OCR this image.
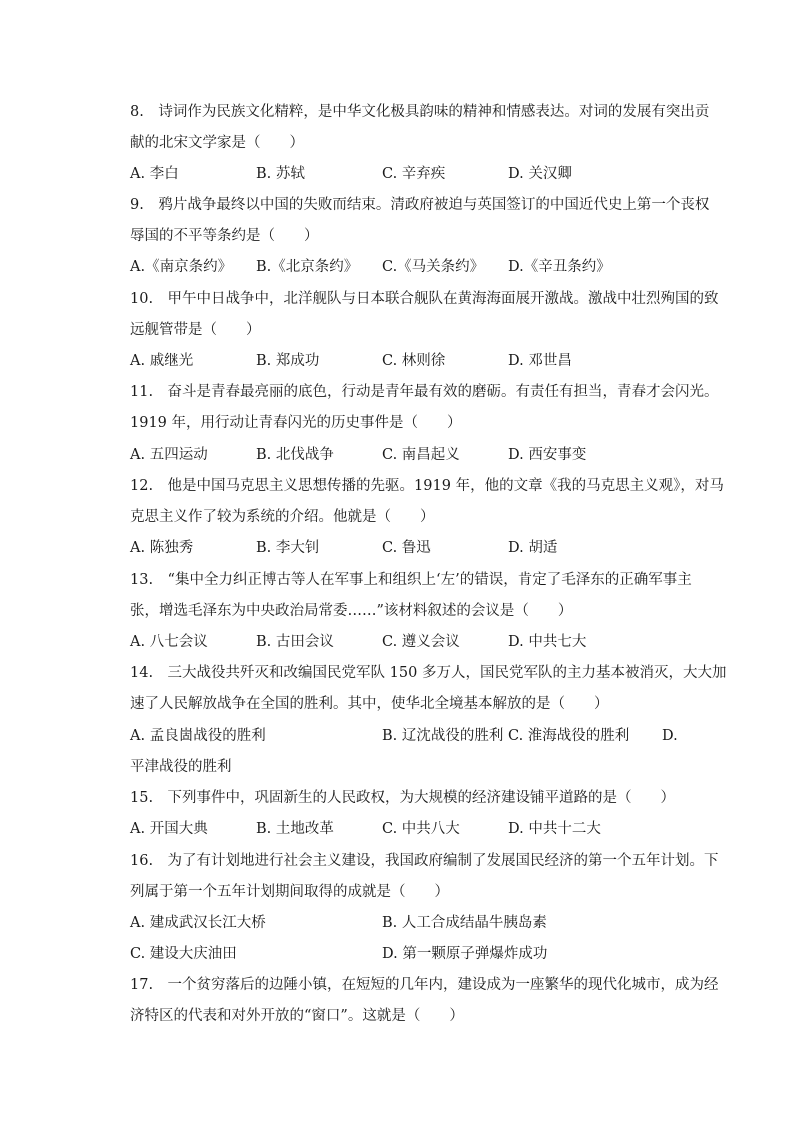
8.　诗词作为民族文化精粹，是中华文化极具韵味的精神和情感表达。对词的发展有突出贡
献的北宋文学家是（　　）
A. 李白	B. 苏轼	C. 辛弃疾	D. 关汉卿
9.　鸦片战争最终以中国的失败而结束。清政府被迫与英国签订的中国近代史上第一个丧权
辱国的不平等条约是（　　）
A.《南京条约》 B.《北京条约》 C.《马关条约》 D.《辛丑条约》
10.　甲午中日战争中，北洋舰队与日本联合舰队在黄海海面展开激战。激战中壮烈殉国的致
远舰管带是（　　）
A. 戚继光	B. 郑成功	C. 林则徐	D. 邓世昌
11.　奋斗是青春最亮丽的底色，行动是青年最有效的磨砺。有责任有担当，青春才会闪光。
1919 年，用行动让青春闪光的历史事件是（　　）
A. 五四运动	B. 北伐战争	C. 南昌起义	D. 西安事变
12.　他是中国马克思主义思想传播的先驱。1919 年，他的文章《我的马克思主义观》，对马
克思主义作了较为系统的介绍。他就是（　　）
A. 陈独秀	B. 李大钊	C. 鲁迅	D. 胡适
13.　“集中全力纠正博古等人在军事上和组织上‘左’的错误，肯定了毛泽东的正确军事主
张，增选毛泽东为中央政治局常委……”该材料叙述的会议是（　　）
A. 八七会议	B. 古田会议	C. 遵义会议	D. 中共七大
14.　三大战役共歼灭和改编国民党军队 150 多万人，国民党军队的主力基本被消灭，大大加
速了人民解放战争在全国的胜利。其中，使华北全境基本解放的是（　　）
A. 孟良崮战役的胜利	B. 辽沈战役的胜利 C. 淮海战役的胜利 D.
平津战役的胜利
15.　下列事件中，巩固新生的人民政权，为大规模的经济建设铺平道路的是（　　）
A. 开国大典	B. 土地改革	C. 中共八大	D. 中共十二大
16.　为了有计划地进行社会主义建设，我国政府编制了发展国民经济的第一个五年计划。下
列属于第一个五年计划期间取得的成就是（　　）
A. 建成武汉长江大桥	B. 人工合成结晶牛胰岛素
C. 建设大庆油田	D. 第一颗原子弹爆炸成功
17.　一个贫穷落后的边陲小镇，在短短的几年内，建设成为一座繁华的现代化城市，成为经
济特区的代表和对外开放的“窗口”。这就是（　　）
